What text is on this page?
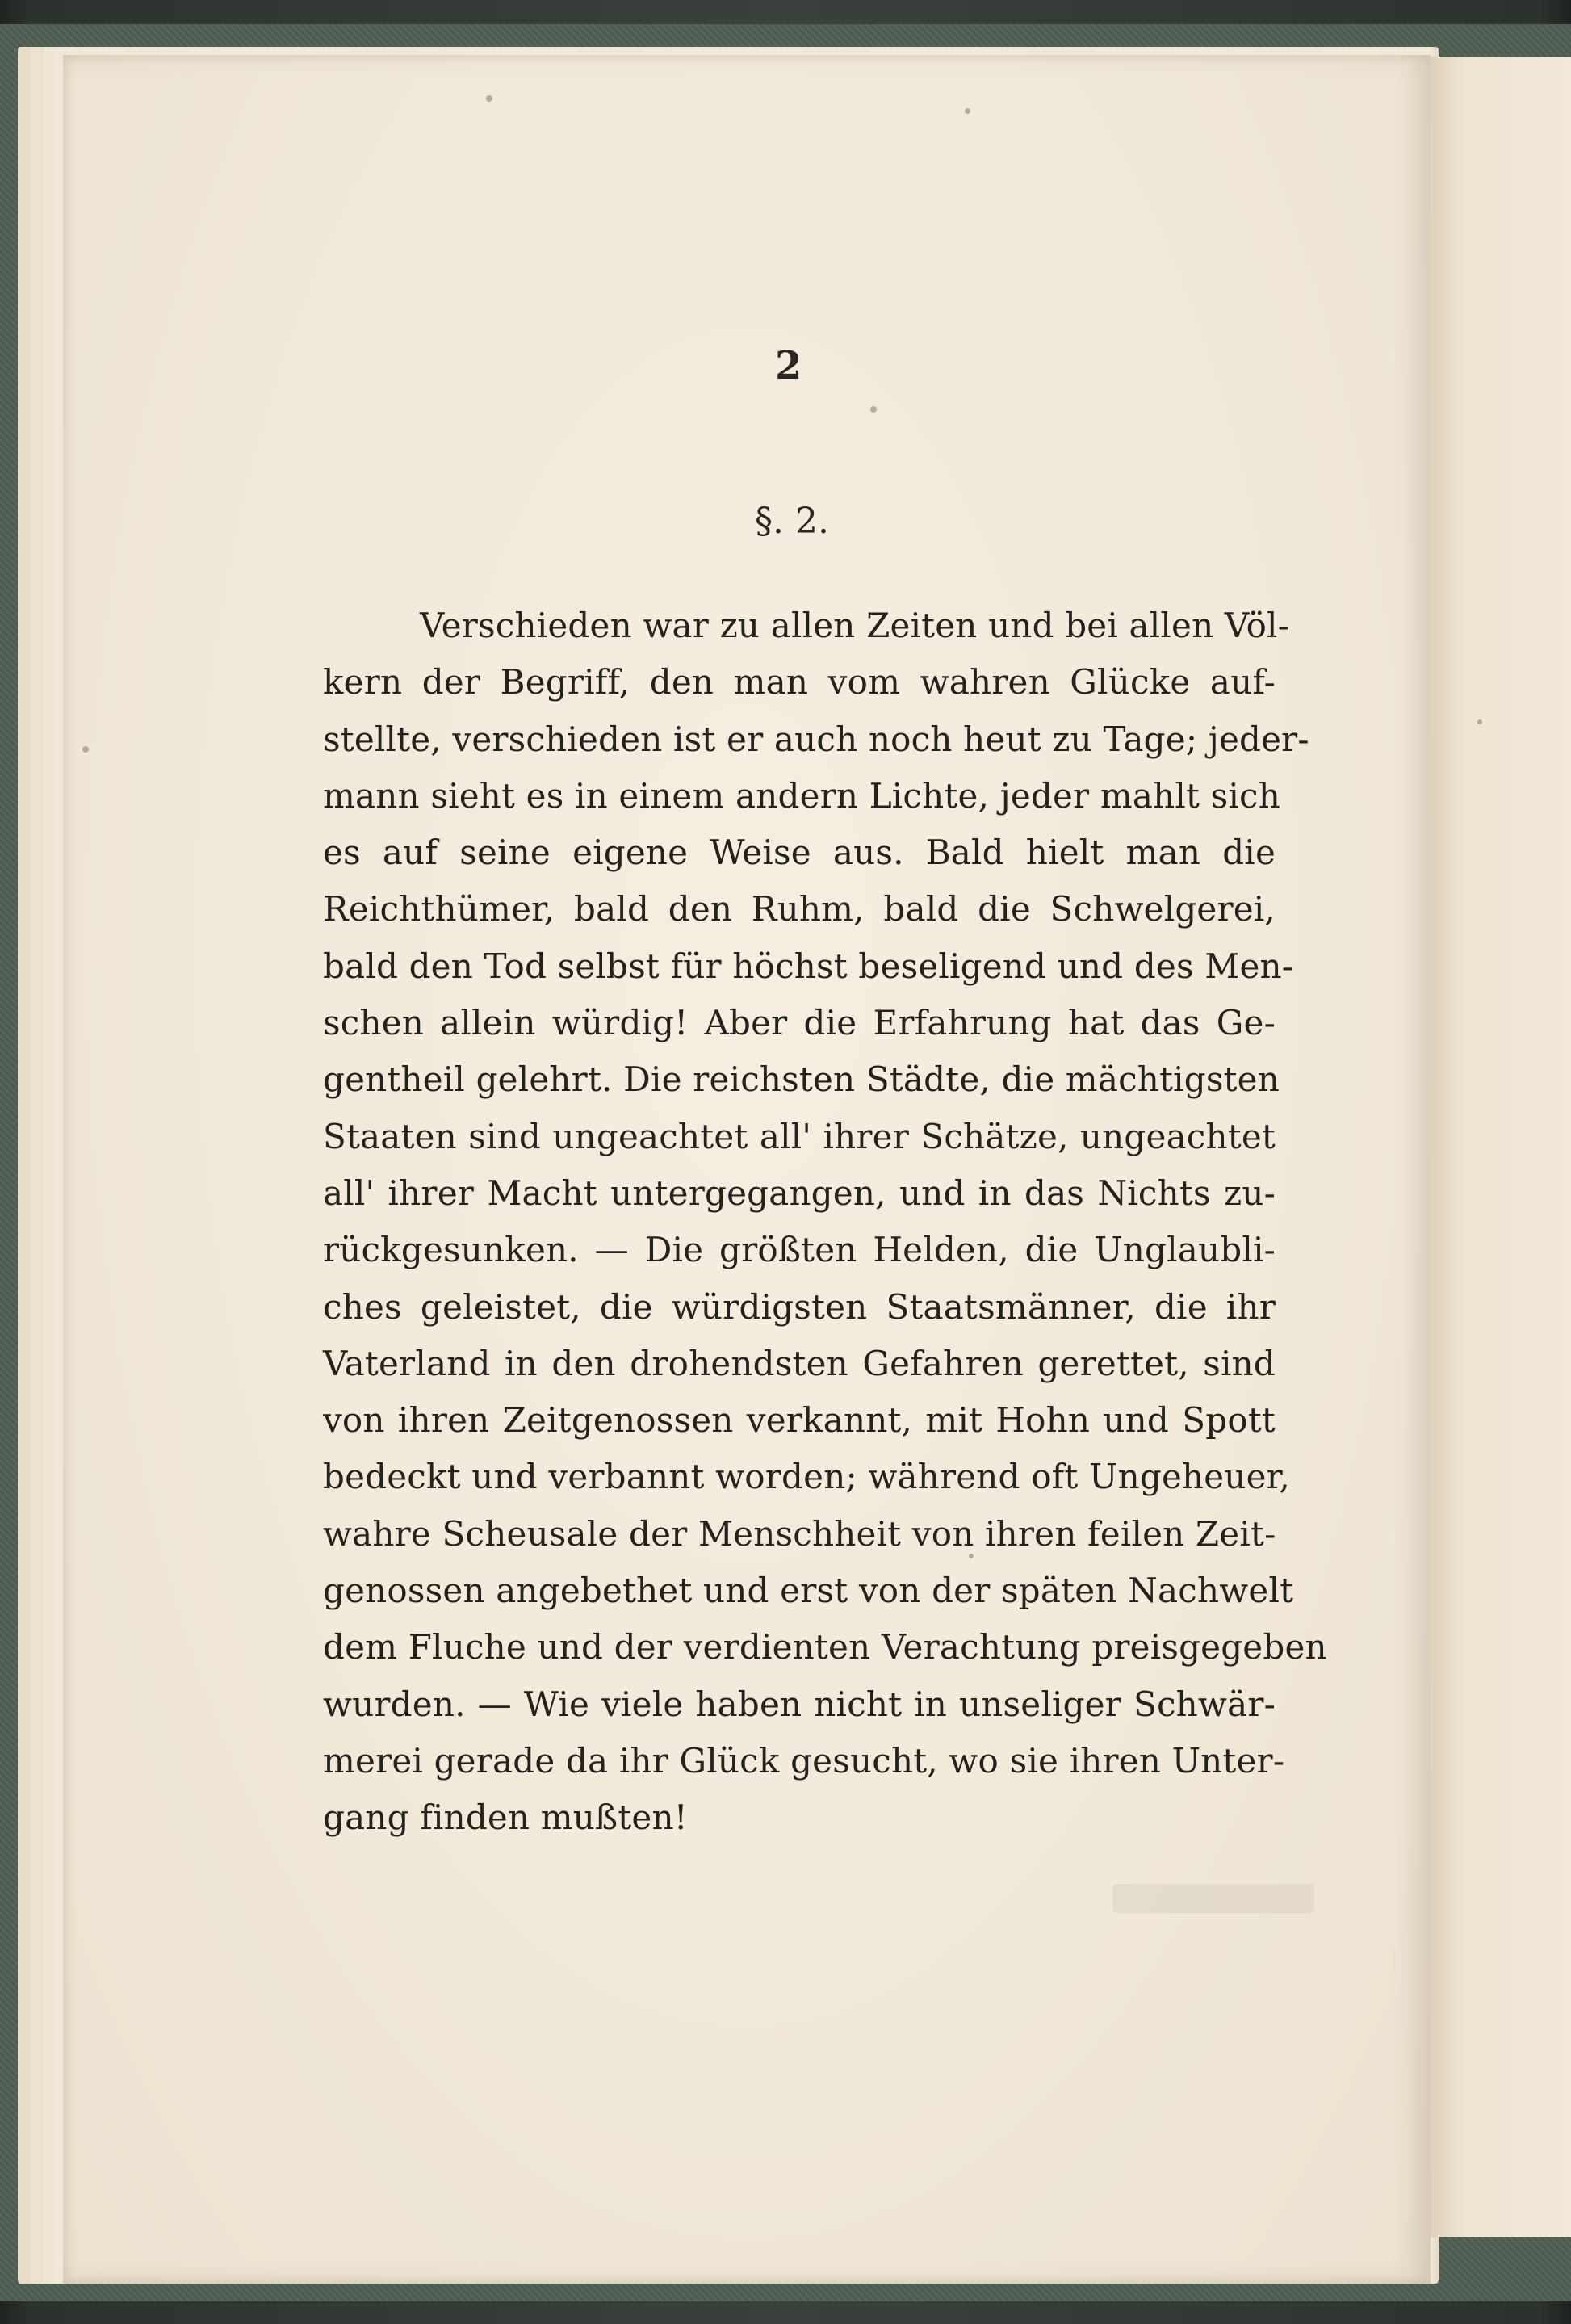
2
§. 2.
Verschieden war zu allen Zeiten und bei allen Völ-
kern der Begriff, den man vom wahren Glücke auf-
stellte, verschieden ist er auch noch heut zu Tage; jeder-
mann sieht es in einem andern Lichte, jeder mahlt sich
es auf seine eigene Weise aus. Bald hielt man die
Reichthümer, bald den Ruhm, bald die Schwelgerei,
bald den Tod selbst für höchst beseligend und des Men-
schen allein würdig! Aber die Erfahrung hat das Ge-
gentheil gelehrt. Die reichsten Städte, die mächtigsten
Staaten sind ungeachtet all' ihrer Schätze, ungeachtet
all' ihrer Macht untergegangen, und in das Nichts zu-
rückgesunken. — Die größten Helden, die Unglaubli-
ches geleistet, die würdigsten Staatsmänner, die ihr
Vaterland in den drohendsten Gefahren gerettet, sind
von ihren Zeitgenossen verkannt, mit Hohn und Spott
bedeckt und verbannt worden; während oft Ungeheuer,
wahre Scheusale der Menschheit von ihren feilen Zeit-
genossen angebethet und erst von der späten Nachwelt
dem Fluche und der verdienten Verachtung preisgegeben
wurden. — Wie viele haben nicht in unseliger Schwär-
merei gerade da ihr Glück gesucht, wo sie ihren Unter-
gang finden mußten!
